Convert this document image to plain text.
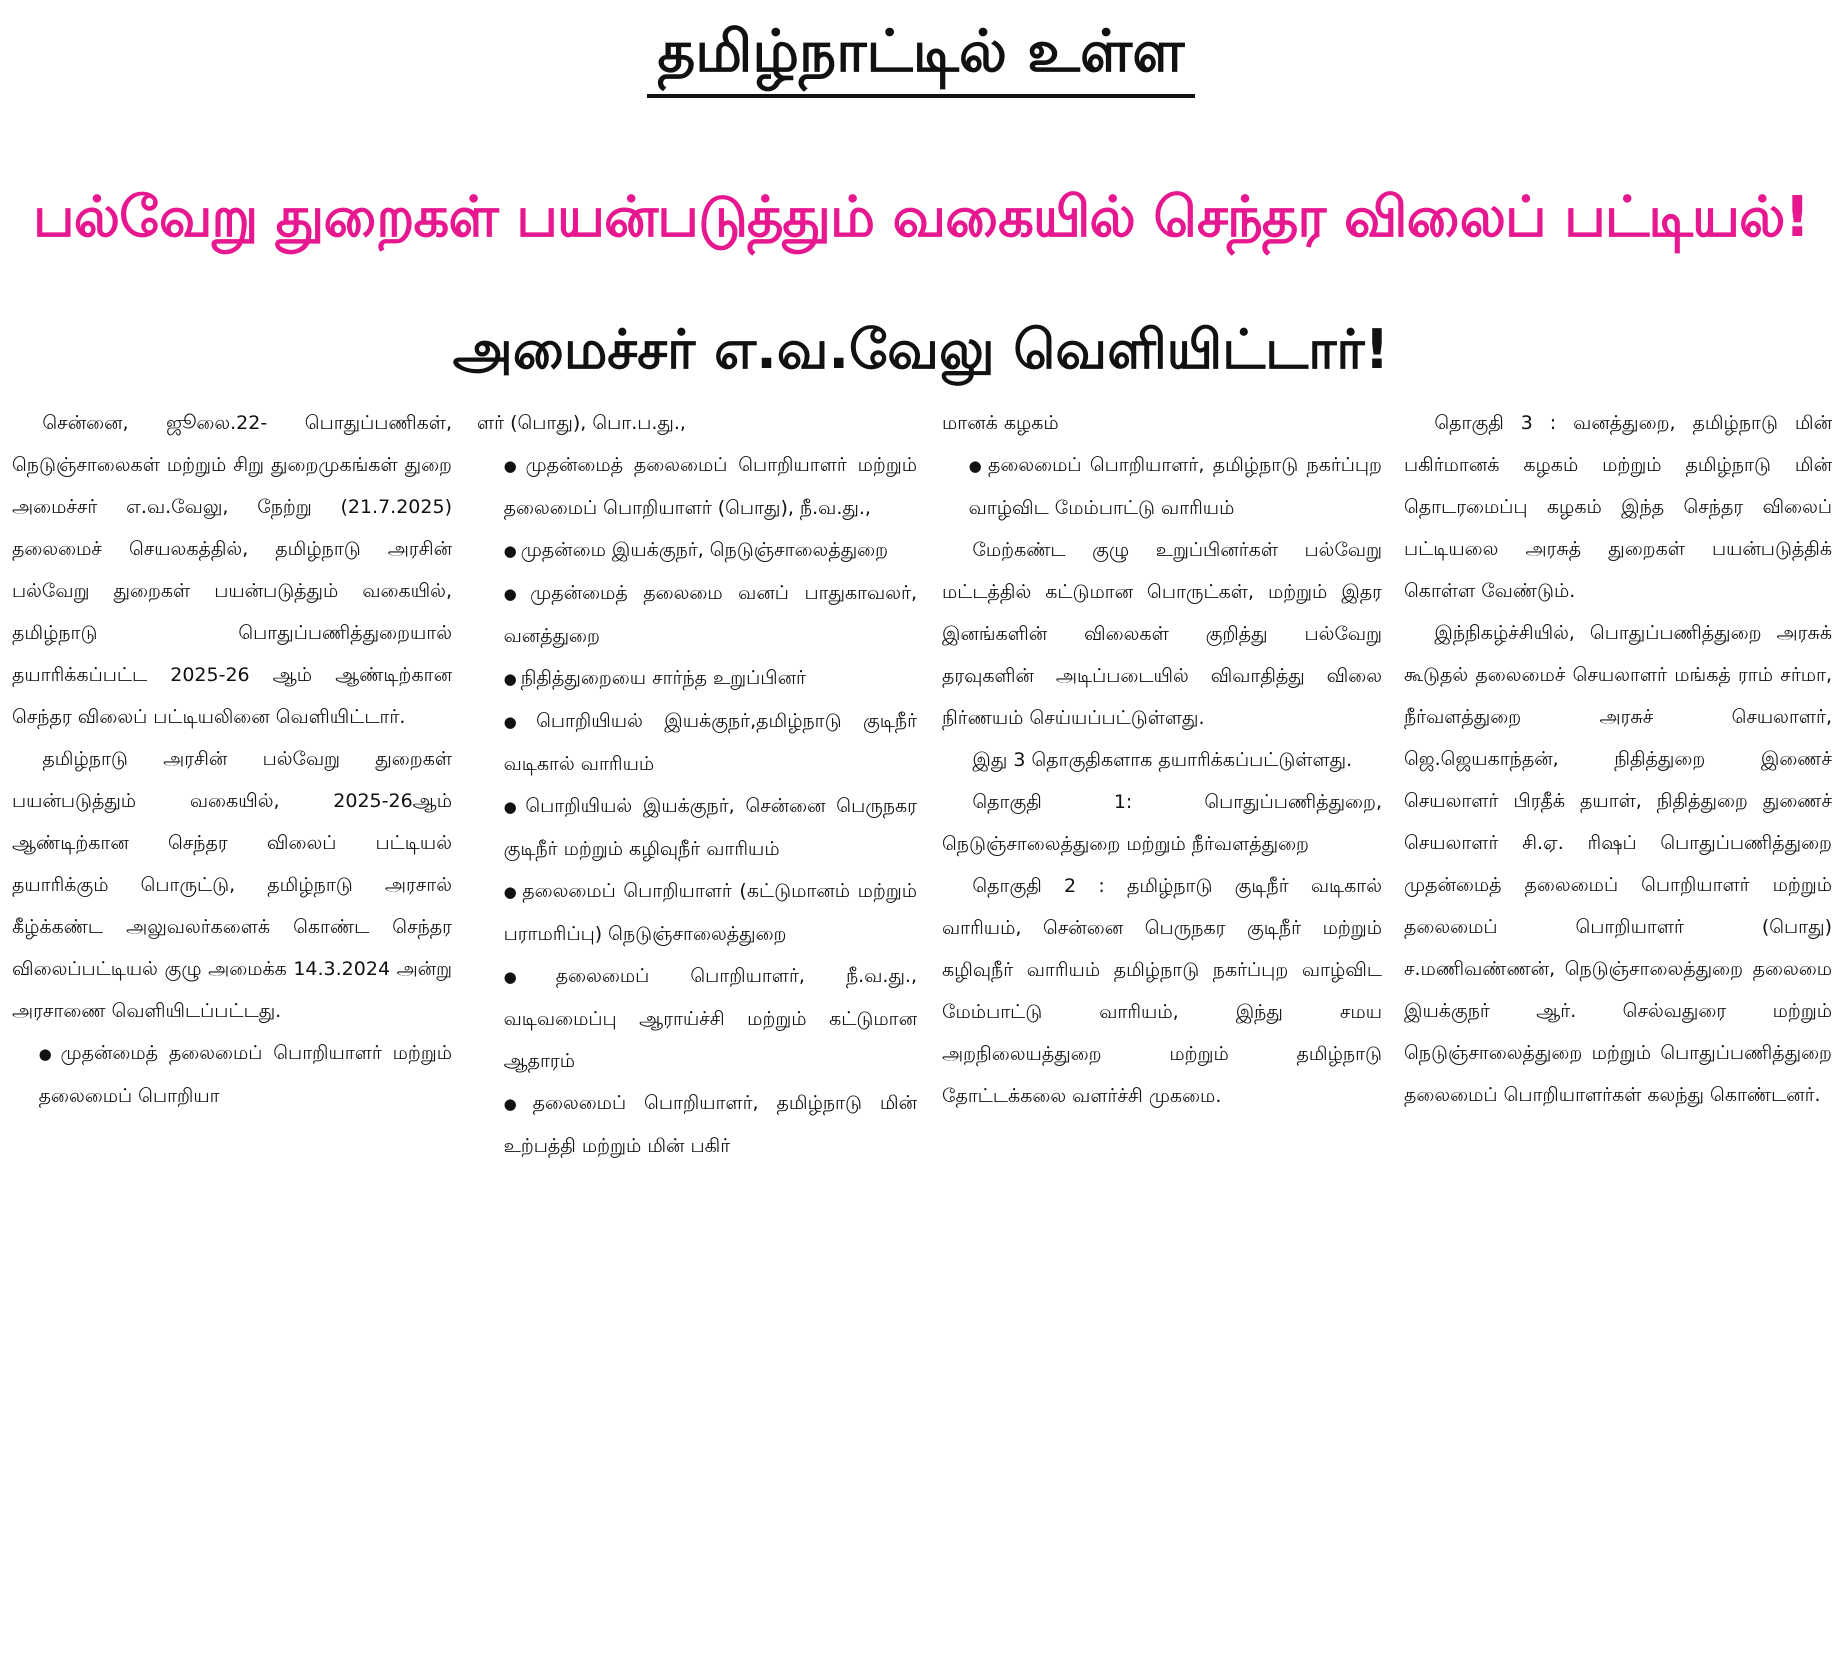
தமிழ்நாட்டில் உள்ள
பல்வேறு துறைகள் பயன்படுத்தும் வகையில் செந்தர விலைப் பட்டியல்!
அமைச்சர் எ.வ.வேலு வெளியிட்டார்!

சென்னை, ஜூலை.22- பொதுப்பணிகள், நெடுஞ்சாலைகள் மற்றும் சிறு துறைமுகங்கள் துறை அமைச்சர் எ.வ.வேலு, நேற்று (21.7.2025) தலைமைச் செயலகத்தில், தமிழ்நாடு அரசின் பல்வேறு துறைகள் பயன்படுத்தும் வகையில், தமிழ்நாடு பொதுப்பணித்துறையால் தயாரிக்கப்பட்ட 2025-26 ஆம் ஆண்டிற்கான செந்தர விலைப் பட்டியலினை வெளியிட்டார்.

தமிழ்நாடு அரசின் பல்வேறு துறைகள் பயன்படுத்தும் வகையில், 2025-26ஆம் ஆண்டிற்கான செந்தர விலைப் பட்டியல் தயாரிக்கும் பொருட்டு, தமிழ்நாடு அரசால் கீழ்க்கண்ட அலுவலர்களைக் கொண்ட செந்தர விலைப்பட்டியல் குழு அமைக்க 14.3.2024 அன்று அரசாணை வெளியிடப்பட்டது.

● முதன்மைத் தலைமைப் பொறியாளர் மற்றும் தலைமைப் பொறியா

ளர் (பொது), பொ.ப.து.,

● முதன்மைத் தலைமைப் பொறியாளர் மற்றும் தலைமைப் பொறியாளர் (பொது), நீ.வ.து.,

● முதன்மை இயக்குநர், நெடுஞ்சாலைத்துறை

● முதன்மைத் தலைமை வனப் பாதுகாவலர், வனத்துறை

● நிதித்துறையை சார்ந்த உறுப்பினர்

● பொறியியல் இயக்குநர்,தமிழ்நாடு குடிநீர் வடிகால் வாரியம்

● பொறியியல் இயக்குநர், சென்னை பெருநகர குடிநீர் மற்றும் கழிவுநீர் வாரியம்

● தலைமைப் பொறியாளர் (கட்டுமானம் மற்றும் பராமரிப்பு) நெடுஞ்சாலைத்துறை

● தலைமைப் பொறியாளர், நீ.வ.து., வடிவமைப்பு ஆராய்ச்சி மற்றும் கட்டுமான ஆதாரம்

● தலைமைப் பொறியாளர், தமிழ்நாடு மின் உற்பத்தி மற்றும் மின் பகிர்

மானக் கழகம்

● தலைமைப் பொறியாளர், தமிழ்நாடு நகர்ப்புற வாழ்விட மேம்பாட்டு வாரியம்

மேற்கண்ட குழு உறுப்பினர்கள் பல்வேறு மட்டத்தில் கட்டுமான பொருட்கள், மற்றும் இதர இனங்களின் விலைகள் குறித்து பல்வேறு தரவுகளின் அடிப்படையில் விவாதித்து விலை நிர்ணயம் செய்யப்பட்டுள்ளது.

இது 3 தொகுதிகளாக தயாரிக்கப்பட்டுள்ளது.

தொகுதி 1: பொதுப்பணித்துறை, நெடுஞ்சாலைத்துறை மற்றும் நீர்வளத்துறை

தொகுதி 2 : தமிழ்நாடு குடிநீர் வடிகால் வாரியம், சென்னை பெருநகர குடிநீர் மற்றும் கழிவுநீர் வாரியம் தமிழ்நாடு நகர்ப்புற வாழ்விட மேம்பாட்டு வாரியம், இந்து சமய அறநிலையத்துறை மற்றும் தமிழ்நாடு தோட்டக்கலை வளர்ச்சி முகமை.

தொகுதி 3 : வனத்துறை, தமிழ்நாடு மின் பகிர்மானக் கழகம் மற்றும் தமிழ்நாடு மின் தொடரமைப்பு கழகம் இந்த செந்தர விலைப் பட்டியலை அரசுத் துறைகள் பயன்படுத்திக் கொள்ள வேண்டும்.

இந்நிகழ்ச்சியில், பொதுப்பணித்துறை அரசுக் கூடுதல் தலைமைச் செயலாளர் மங்கத் ராம் சர்மா, நீர்வளத்துறை அரசுச் செயலாளர், ஜெ.ஜெயகாந்தன், நிதித்துறை இணைச் செயலாளர் பிரதீக் தயாள், நிதித்துறை துணைச் செயலாளர் சி.ஏ. ரிஷப் பொதுப்பணித்துறை முதன்மைத் தலைமைப் பொறியாளர் மற்றும் தலைமைப் பொறியாளர் (பொது) ச.மணிவண்ணன், நெடுஞ்சாலைத்துறை தலைமை இயக்குநர் ஆர். செல்வதுரை மற்றும் நெடுஞ்சாலைத்துறை மற்றும் பொதுப்பணித்துறை தலைமைப் பொறியாளர்கள் கலந்து கொண்டனர்.
